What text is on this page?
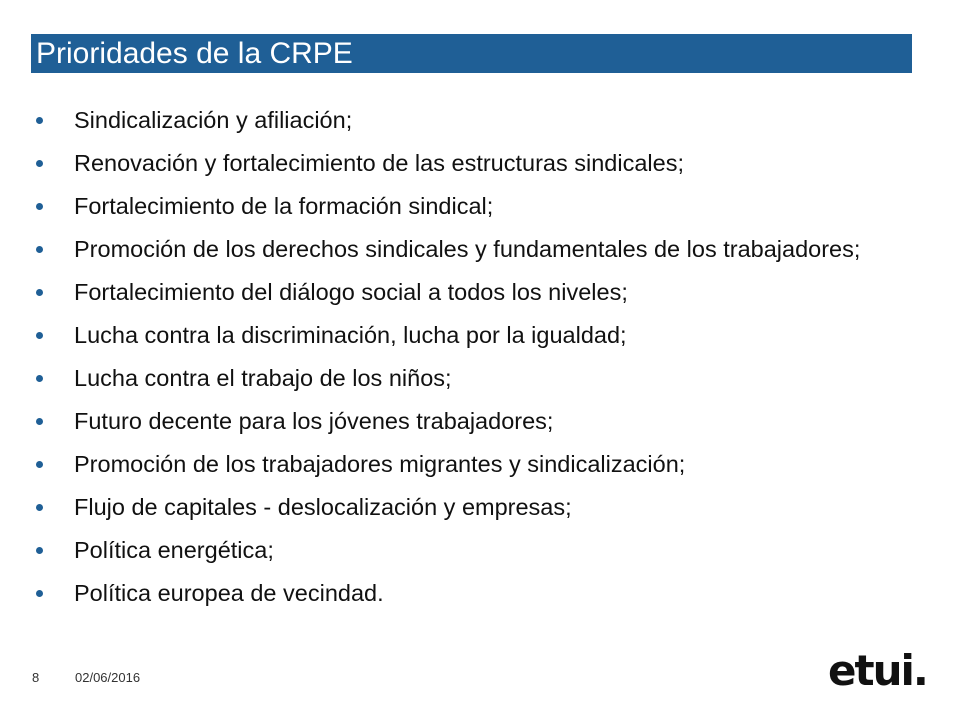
Prioridades de la CRPE
Sindicalización y afiliación;
Renovación y fortalecimiento de las estructuras sindicales;
Fortalecimiento de la formación sindical;
Promoción de los derechos sindicales y fundamentales de los trabajadores;
Fortalecimiento del diálogo social a todos los niveles;
Lucha contra la discriminación, lucha por la igualdad;
Lucha contra el trabajo de los niños;
Futuro decente para los jóvenes trabajadores;
Promoción de los trabajadores migrantes y sindicalización;
Flujo de capitales - deslocalización y empresas;
Política energética;
Política europea de vecindad.
8	02/06/2016	etui.
